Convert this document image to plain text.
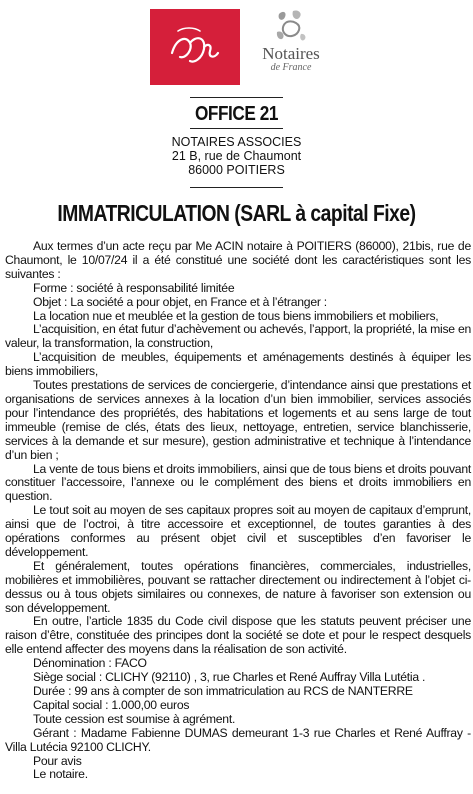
Notaires
de France
OFFICE 21
NOTAIRES ASSOCIES
21 B, rue de Chaumont
86000 POITIERS
IMMATRICULATION (SARL à capital Fixe)

Aux termes d’un acte reçu par Me ACIN notaire à POITIERS (86000), 21bis, rue de Chaumont, le 10/07/24 il a été constitué une société dont les caractéristiques sont les suivantes :

Forme : société à responsabilité limitée

Objet : La société a pour objet, en France et à l’étranger :

La location nue et meublée et la gestion de tous biens immobiliers et mobiliers,

L’acquisition, en état futur d’achèvement ou achevés, l’apport, la propriété, la mise en valeur, la transformation, la construction,

L’acquisition de meubles, équipements et aménagements destinés à équiper les biens immobiliers,

Toutes prestations de services de conciergerie, d’intendance ainsi que prestations et organisations de services annexes à la location d’un bien immobilier, services associés pour l’intendance des propriétés, des habitations et logements et au sens large de tout immeuble (remise de clés, états des lieux, nettoyage, entretien, service blanchisserie, services à la demande et sur mesure), gestion administrative et technique à l’intendance d’un bien ;

La vente de tous biens et droits immobiliers, ainsi que de tous biens et droits pouvant constituer l’accessoire, l’annexe ou le complément des biens et droits immobiliers en question.

Le tout soit au moyen de ses capitaux propres soit au moyen de capitaux d’emprunt, ainsi que de l’octroi, à titre accessoire et exceptionnel, de toutes garanties à des opérations conformes au présent objet civil et susceptibles d’en favoriser le développement.

Et généralement, toutes opérations financières, commerciales, industrielles, mobilières et immobilières, pouvant se rattacher directement ou indirectement à l’objet ci-dessus ou à tous objets similaires ou connexes, de nature à favoriser son extension ou son développement.

En outre, l’article 1835 du Code civil dispose que les statuts peuvent préciser une raison d’être, constituée des principes dont la société se dote et pour le respect desquels elle entend affecter des moyens dans la réalisation de son activité.

Dénomination : FACO

Siège social : CLICHY (92110) , 3, rue Charles et René Auffray Villa Lutétia .

Durée : 99 ans à compter de son immatriculation au RCS de NANTERRE

Capital social : 1.000,00 euros

Toute cession est soumise à agrément.

Gérant : Madame Fabienne DUMAS demeurant 1-3 rue Charles et René Auffray - Villa Lutécia 92100 CLICHY.

Pour avis

Le notaire.
